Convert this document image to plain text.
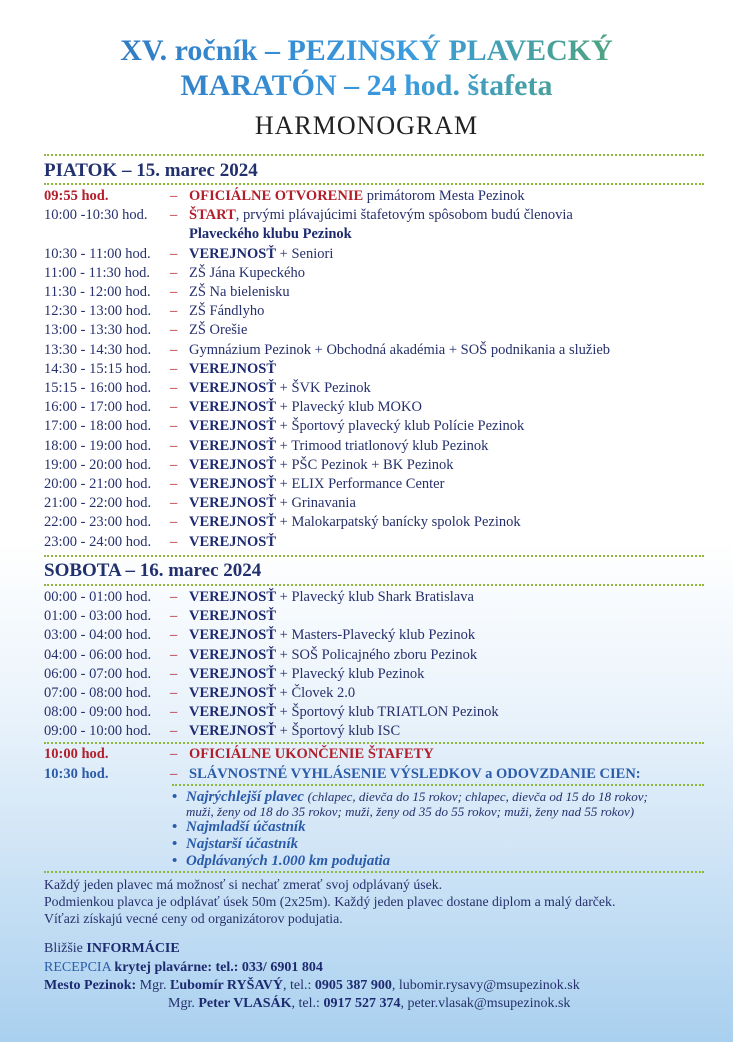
XV. ročník – PEZINSKÝ PLAVECKÝ
MARATÓN – 24 hod. štafeta
HARMONOGRAM
PIATOK – 15. marec 2024
09:55 hod.	– OFICIÁLNE OTVORENIE primátorom Mesta Pezinok
10:00 -10:30 hod. – ŠTART, prvými plávajúcimi štafetovým spôsobom budú členovia
Plaveckého klubu Pezinok
10:30 - 11:00 hod. – VEREJNOSŤ + Seniori
11:00 - 11:30 hod. – ZŠ Jána Kupeckého
11:30 - 12:00 hod. – ZŠ Na bielenisku
12:30 - 13:00 hod. – ZŠ Fándlyho
13:00 - 13:30 hod. – ZŠ Orešie
13:30 - 14:30 hod. – Gymnázium Pezinok + Obchodná akadémia + SOŠ podnikania a služieb
14:30 - 15:15 hod. – VEREJNOSŤ
15:15 - 16:00 hod. – VEREJNOSŤ + ŠVK Pezinok
16:00 - 17:00 hod. – VEREJNOSŤ + Plavecký klub MOKO
17:00 - 18:00 hod. – VEREJNOSŤ + Športový plavecký klub Polície Pezinok
18:00 - 19:00 hod. – VEREJNOSŤ + Trimood triatlonový klub Pezinok
19:00 - 20:00 hod. – VEREJNOSŤ + PŠC Pezinok + BK Pezinok
20:00 - 21:00 hod. – VEREJNOSŤ + ELIX Performance Center
21:00 - 22:00 hod. – VEREJNOSŤ + Grinavania
22:00 - 23:00 hod. – VEREJNOSŤ + Malokarpatský banícky spolok Pezinok
23:00 - 24:00 hod. – VEREJNOSŤ
SOBOTA – 16. marec 2024
00:00 - 01:00 hod. – VEREJNOSŤ + Plavecký klub Shark Bratislava
01:00 - 03:00 hod. – VEREJNOSŤ
03:00 - 04:00 hod. – VEREJNOSŤ + Masters-Plavecký klub Pezinok
04:00 - 06:00 hod. – VEREJNOSŤ + SOŠ Policajného zboru Pezinok
06:00 - 07:00 hod. – VEREJNOSŤ + Plavecký klub Pezinok
07:00 - 08:00 hod. – VEREJNOSŤ + Človek 2.0
08:00 - 09:00 hod. – VEREJNOSŤ + Športový klub TRIATLON Pezinok
09:00 - 10:00 hod. – VEREJNOSŤ + Športový klub ISC
10:00 hod.	– OFICIÁLNE UKONČENIE ŠTAFETY
10:30 hod.	– SLÁVNOSTNÉ VYHLÁSENIE VÝSLEDKOV a ODOVZDANIE CIEN:
• Najrýchlejší plavec (chlapec, dievča do 15 rokov; chlapec, dievča od 15 do 18 rokov;
muži, ženy od 18 do 35 rokov; muži, ženy od 35 do 55 rokov; muži, ženy nad 55 rokov)
• Najmladší účastník
• Najstarší účastník
• Odplávaných 1.000 km podujatia
Každý jeden plavec má možnosť si nechať zmerať svoj odplávaný úsek.
Podmienkou plavca je odplávať úsek 50m (2x25m). Každý jeden plavec dostane diplom a malý darček.
Víťazi získajú vecné ceny od organizátorov podujatia.
Bližšie INFORMÁCIE
RECEPCIA krytej plavárne: tel.: 033/ 6901 804
Mesto Pezinok: Mgr. Ľubomír RYŠAVÝ, tel.: 0905 387 900, lubomir.rysavy@msupezinok.sk
Mgr. Peter VLASÁK, tel.: 0917 527 374, peter.vlasak@msupezinok.sk
